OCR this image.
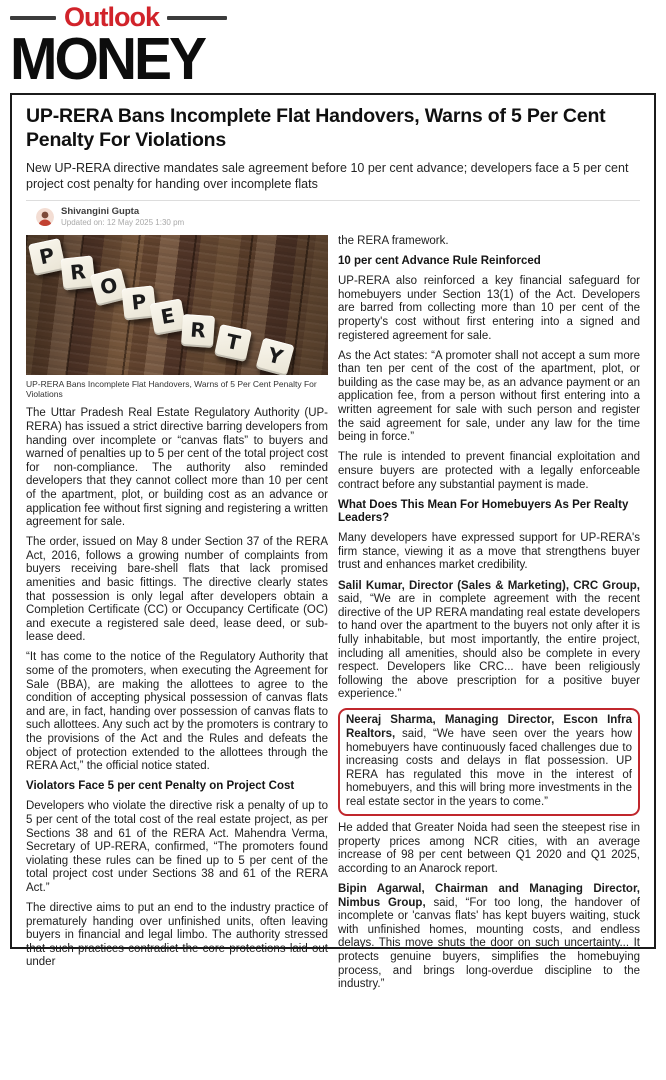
Outlook
MONEY
UP-RERA Bans Incomplete Flat Handovers, Warns of 5 Per Cent Penalty For Violations

New UP-RERA directive mandates sale agreement before 10 per cent advance; developers face a 5 per cent project cost penalty for handing over incomplete flats

Shivangini Gupta
Updated on: 12 May 2025 1:30 pm
P
R
O
P
E
R T
Y
UP-RERA Bans Incomplete Flat Handovers, Warns of 5 Per Cent Penalty For Violations

The Uttar Pradesh Real Estate Regulatory Authority (UP-RERA) has issued a strict directive barring developers from handing over incomplete or “canvas flats” to buyers and warned of penalties up to 5 per cent of the total project cost for non-compliance. The authority also reminded developers that they cannot collect more than 10 per cent of the apartment, plot, or building cost as an advance or application fee without first signing and registering a written agreement for sale.

The order, issued on May 8 under Section 37 of the RERA Act, 2016, follows a growing number of complaints from buyers receiving bare-shell flats that lack promised amenities and basic fittings. The directive clearly states that possession is only legal after developers obtain a Completion Certificate (CC) or Occupancy Certificate (OC) and execute a registered sale deed, lease deed, or sub-lease deed.

“It has come to the notice of the Regulatory Authority that some of the promoters, when executing the Agreement for Sale (BBA), are making the allottees to agree to the condition of accepting physical possession of canvas flats and are, in fact, handing over possession of canvas flats to such allottees. Any such act by the promoters is contrary to the provisions of the Act and the Rules and defeats the object of protection extended to the allottees through the RERA Act,” the official notice stated.

Violators Face 5 per cent Penalty on Project Cost

Developers who violate the directive risk a penalty of up to 5 per cent of the total cost of the real estate project, as per Sections 38 and 61 of the RERA Act. Mahendra Verma, Secretary of UP-RERA, confirmed, “The promoters found violating these rules can be fined up to 5 per cent of the total project cost under Sections 38 and 61 of the RERA Act.”

The directive aims to put an end to the industry practice of prematurely handing over unfinished units, often leaving buyers in financial and legal limbo. The authority stressed that such practices contradict the core protections laid out under

the RERA framework.

10 per cent Advance Rule Reinforced

UP-RERA also reinforced a key financial safeguard for homebuyers under Section 13(1) of the Act. Developers are barred from collecting more than 10 per cent of the property's cost without first entering into a signed and registered agreement for sale.

As the Act states: “A promoter shall not accept a sum more than ten per cent of the cost of the apartment, plot, or building as the case may be, as an advance payment or an application fee, from a person without first entering into a written agreement for sale with such person and register the said agreement for sale, under any law for the time being in force.”

The rule is intended to prevent financial exploitation and ensure buyers are protected with a legally enforceable contract before any substantial payment is made.

What Does This Mean For Homebuyers As Per Realty Leaders?

Many developers have expressed support for UP-RERA's firm stance, viewing it as a move that strengthens buyer trust and enhances market credibility.

Salil Kumar, Director (Sales & Marketing), CRC Group, said, “We are in complete agreement with the recent directive of the UP RERA mandating real estate developers to hand over the apartment to the buyers not only after it is fully inhabitable, but most importantly, the entire project, including all amenities, should also be complete in every respect. Developers like CRC... have been religiously following the above prescription for a positive buyer experience.”

Neeraj Sharma, Managing Director, Escon Infra Realtors, said, “We have seen over the years how homebuyers have continuously faced challenges due to increasing costs and delays in flat possession. UP RERA has regulated this move in the interest of homebuyers, and this will bring more investments in the real estate sector in the years to come.”

He added that Greater Noida had seen the steepest rise in property prices among NCR cities, with an average increase of 98 per cent between Q1 2020 and Q1 2025, according to an Anarock report.

Bipin Agarwal, Chairman and Managing Director, Nimbus Group, said, “For too long, the handover of incomplete or 'canvas flats' has kept buyers waiting, stuck with unfinished homes, mounting costs, and endless delays. This move shuts the door on such uncertainty... It protects genuine buyers, simplifies the homebuying process, and brings long-overdue discipline to the industry.”
